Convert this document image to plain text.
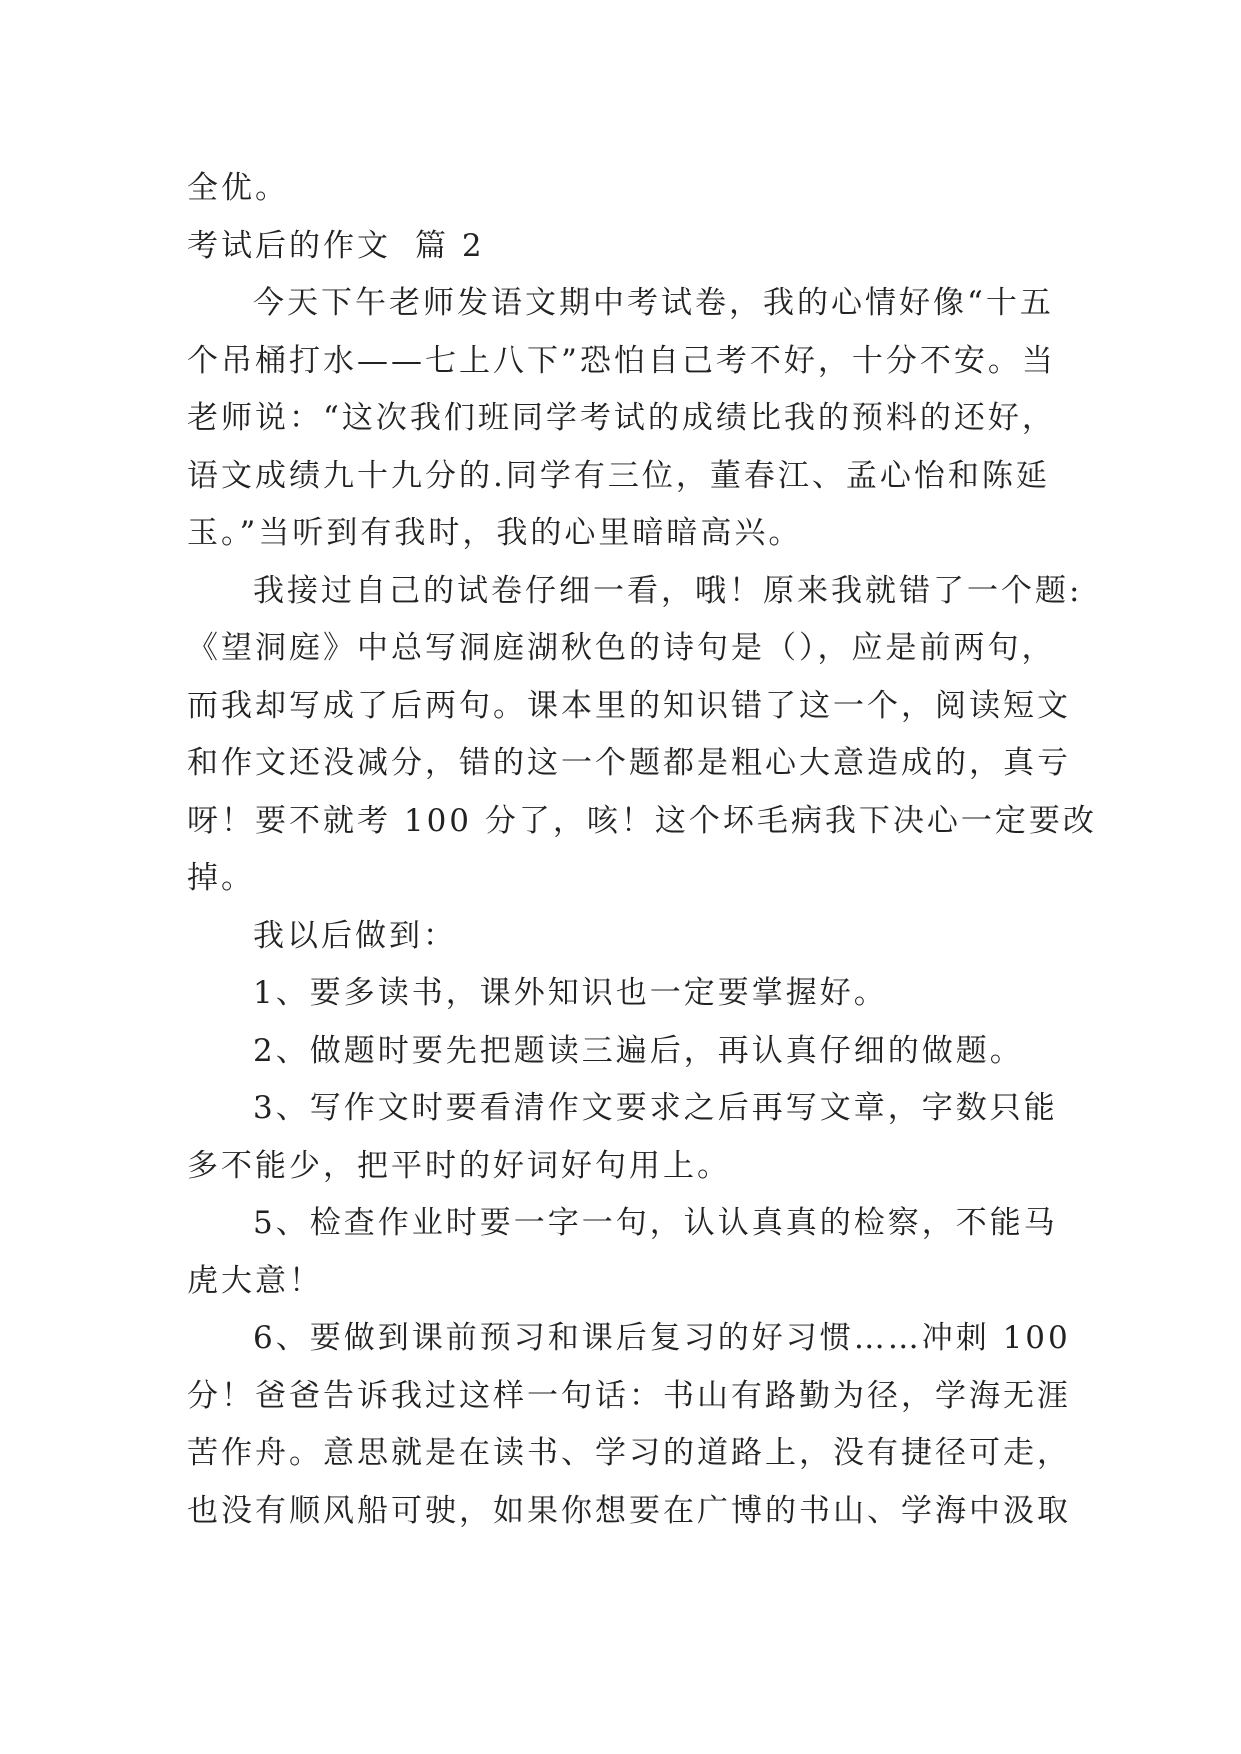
全优。
考试后的作文 篇 2
今天下午老师发语文期中考试卷，我的心情好像“十五
个吊桶打水——七上八下”恐怕自己考不好，十分不安。当
老师说：“这次我们班同学考试的成绩比我的预料的还好，
语文成绩九十九分的.同学有三位，董春江、孟心怡和陈延
玉。”当听到有我时，我的心里暗暗高兴。
我接过自己的试卷仔细一看，哦！原来我就错了一个题:
《望洞庭》中总写洞庭湖秋色的诗句是（），应是前两句，
而我却写成了后两句。课本里的知识错了这一个，阅读短文
和作文还没减分，错的这一个题都是粗心大意造成的，真亏
呀！要不就考 100 分了，咳！这个坏毛病我下决心一定要改
掉。
我以后做到：
1、要多读书，课外知识也一定要掌握好。
2、做题时要先把题读三遍后，再认真仔细的做题。
3、写作文时要看清作文要求之后再写文章，字数只能
多不能少，把平时的好词好句用上。
5、检查作业时要一字一句，认认真真的检察，不能马
虎大意！
6、要做到课前预习和课后复习的好习惯……冲刺 100
分！爸爸告诉我过这样一句话：书山有路勤为径，学海无涯
苦作舟。意思就是在读书、学习的道路上，没有捷径可走，
也没有顺风船可驶，如果你想要在广博的书山、学海中汲取
